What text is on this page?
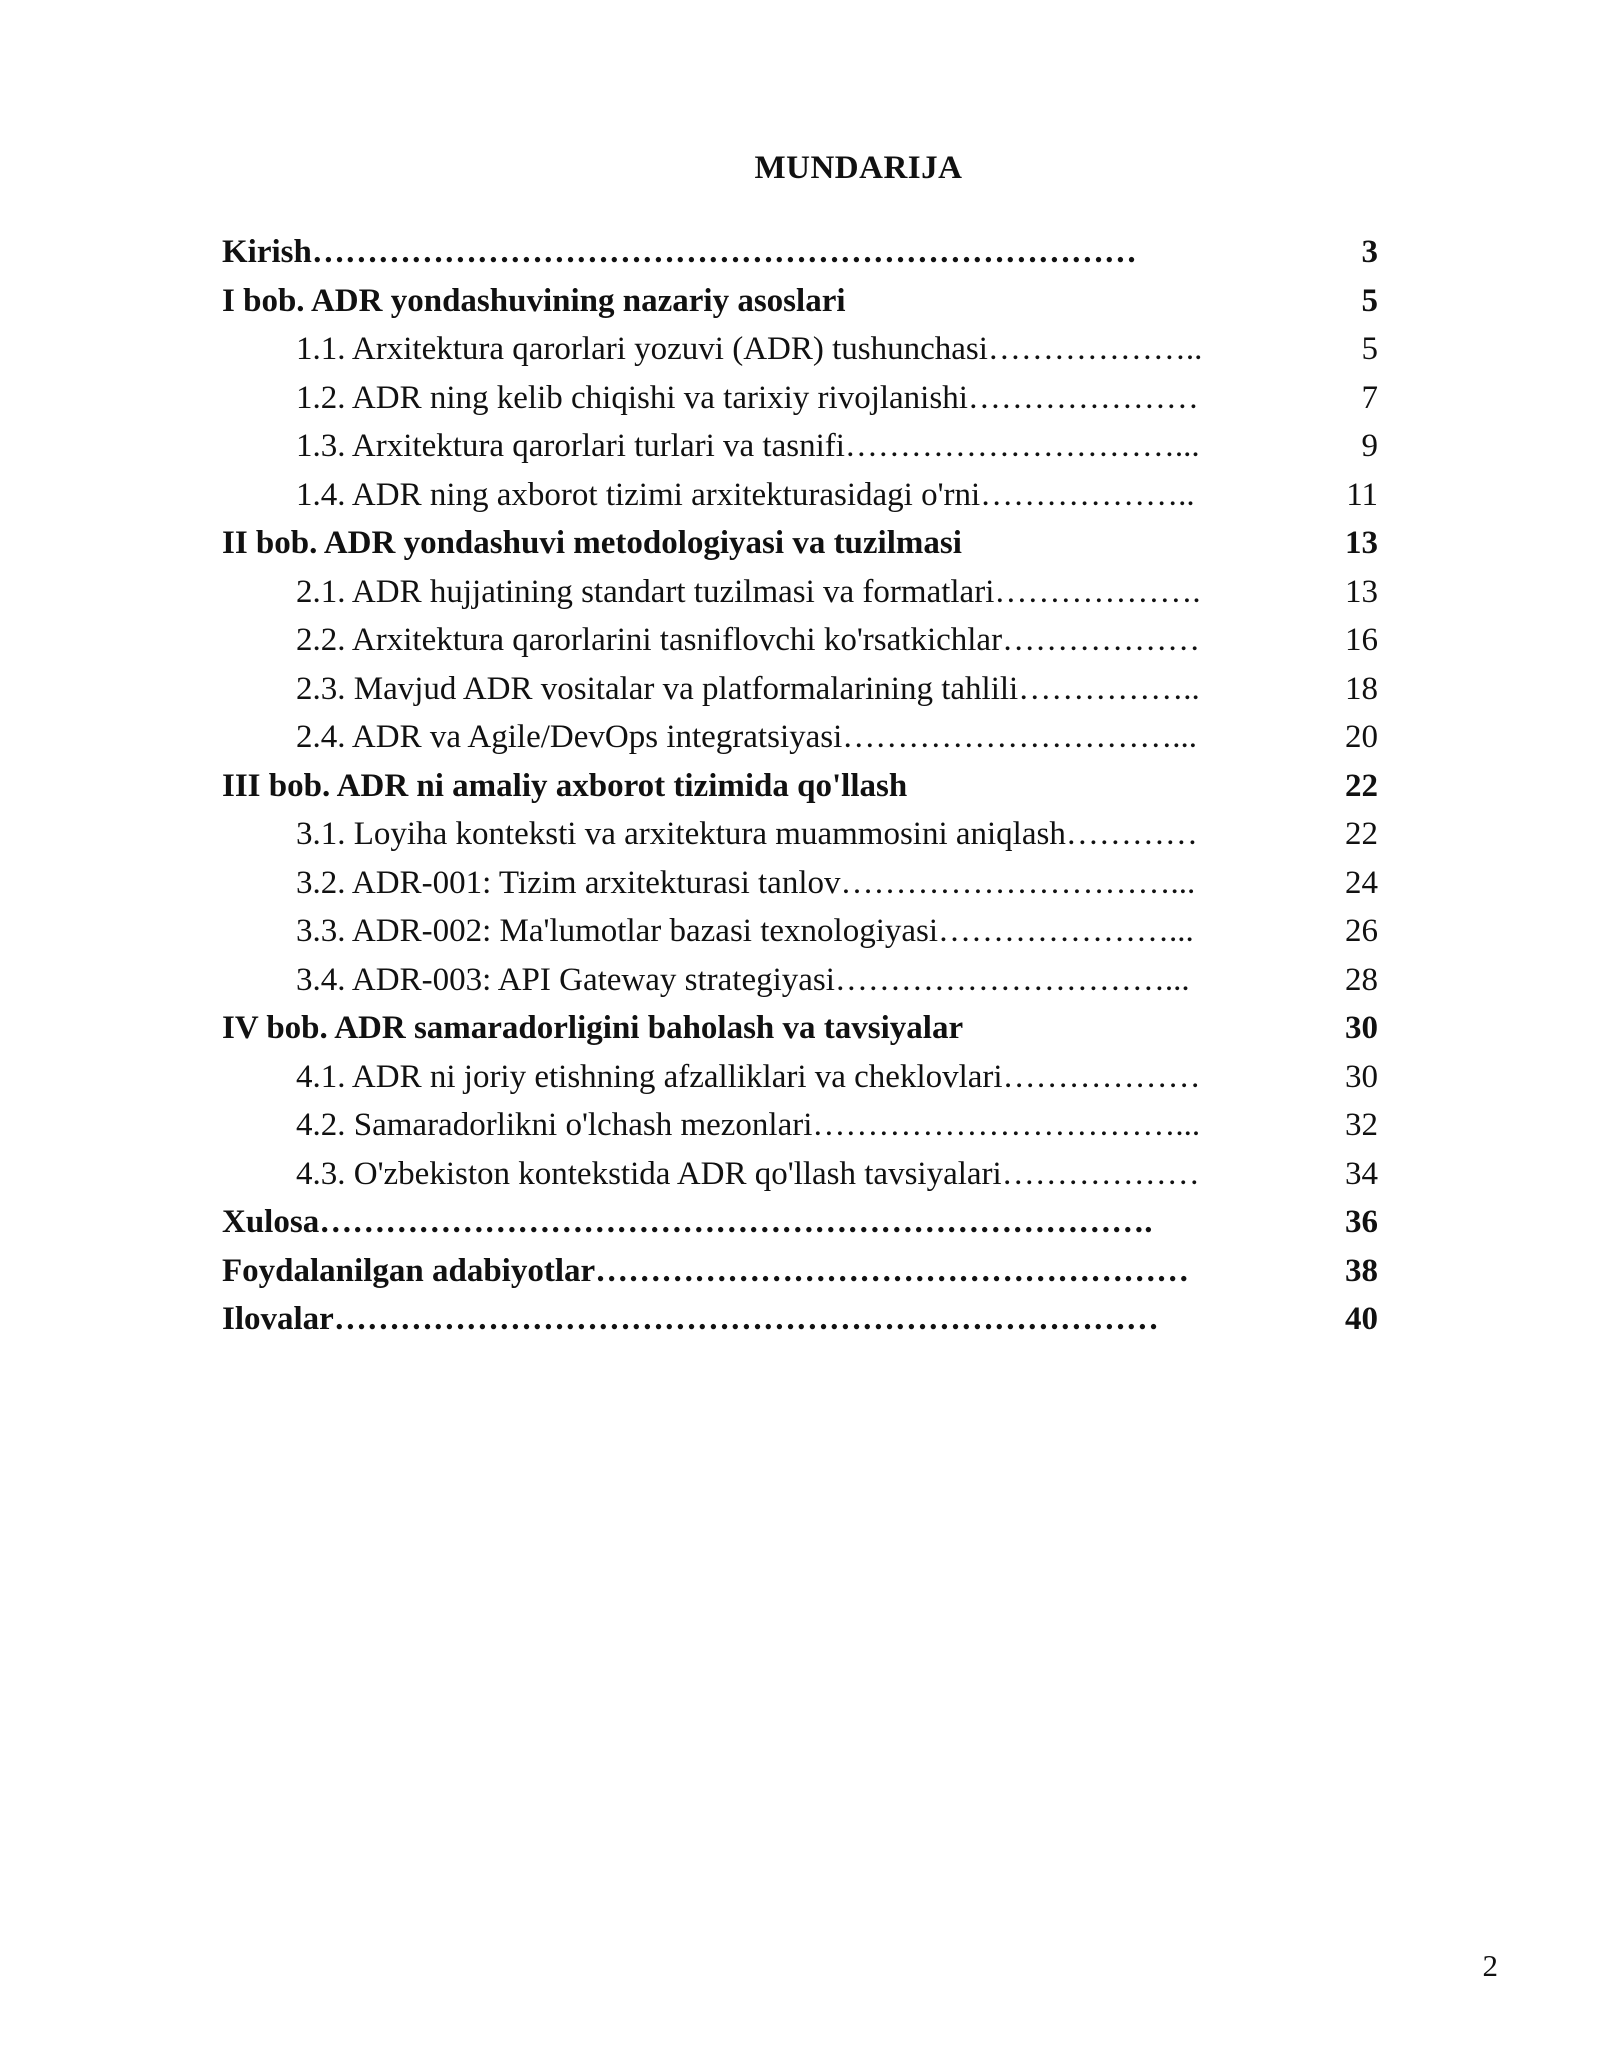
MUNDARIJA
Kirish…………………………………………………………………	3
I bob. ADR yondashuvining nazariy asoslari	5
1.1. Arxitektura qarorlari yozuvi (ADR) tushunchasi………………..	5
1.2. ADR ning kelib chiqishi va tarixiy rivojlanishi…………………	7
1.3. Arxitektura qarorlari turlari va tasnifi…………………………...	9
1.4. ADR ning axborot tizimi arxitekturasidagi o'rni………………..	11
II bob. ADR yondashuvi metodologiyasi va tuzilmasi	13
2.1. ADR hujjatining standart tuzilmasi va formatlari……………….	13
2.2. Arxitektura qarorlarini tasniflovchi ko'rsatkichlar………………	16
2.3. Mavjud ADR vositalar va platformalarining tahlili……………..	18
2.4. ADR va Agile/DevOps integratsiyasi…………………………...	20
III bob. ADR ni amaliy axborot tizimida qo'llash	22
3.1. Loyiha konteksti va arxitektura muammosini aniqlash…………	22
3.2. ADR-001: Tizim arxitekturasi tanlov…………………………...	24
3.3. ADR-002: Ma'lumotlar bazasi texnologiyasi…………………...	26
3.4. ADR-003: API Gateway strategiyasi…………………………...	28
IV bob. ADR samaradorligini baholash va tavsiyalar	30
4.1. ADR ni joriy etishning afzalliklari va cheklovlari………………	30
4.2. Samaradorlikni o'lchash mezonlari……………………………...	32
4.3. O'zbekiston kontekstida ADR qo'llash tavsiyalari………………	34
Xulosa………………………………………………………………….	36
Foydalanilgan adabiyotlar………………………………………………	38
Ilovalar…………………………………………………………………	40
2
